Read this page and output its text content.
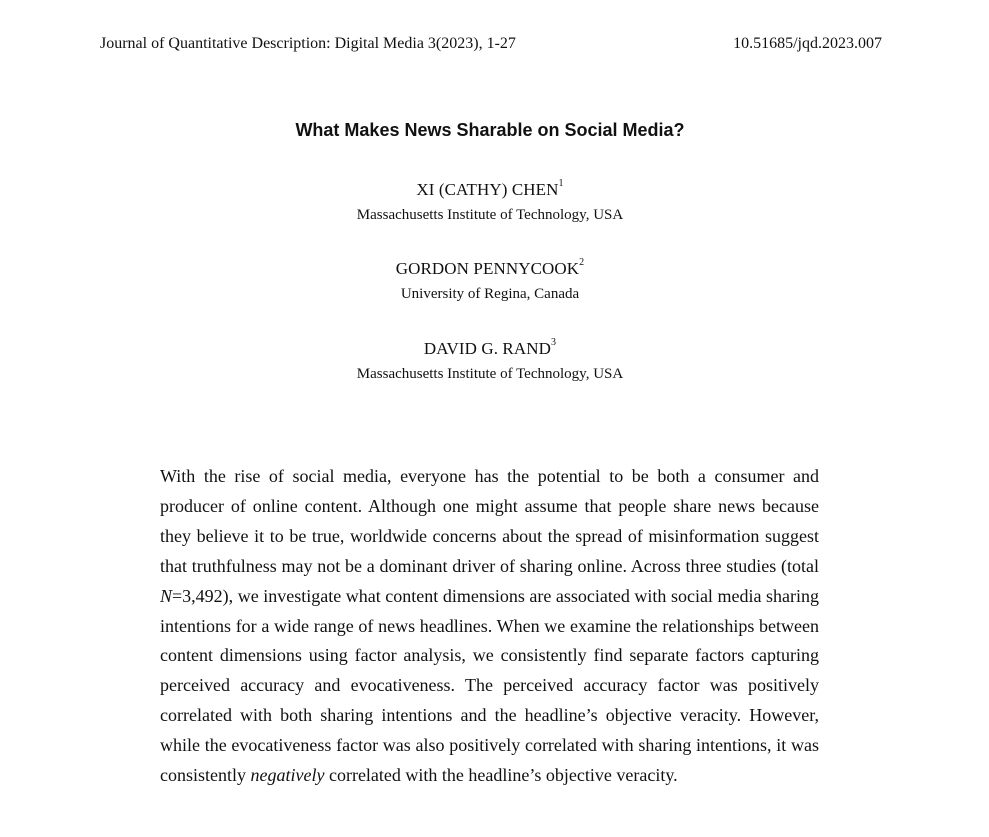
Journal of Quantitative Description: Digital Media 3(2023), 1-27	10.51685/jqd.2023.007
What Makes News Sharable on Social Media?
XI (CATHY) CHEN$^1$
Massachusetts Institute of Technology, USA
GORDON PENNYCOOK$^2$
University of Regina, Canada
DAVID G. RAND$^3$
Massachusetts Institute of Technology, USA

With the rise of social media, everyone has the potential to be both a consumer and producer of online content. Although one might assume that people share news because they believe it to be true, worldwide concerns about the spread of misinformation suggest that truthfulness may not be a dominant driver of sharing online. Across three studies (total N=3,492), we investigate what content dimensions are associated with social media sharing intentions for a wide range of news headlines. When we examine the relationships between content dimensions using factor analysis, we consistently find separate factors capturing perceived accuracy and evocativeness. The perceived accuracy factor was positively correlated with both sharing intentions and the headline’s objective veracity. However, while the evocativeness factor was also positively correlated with sharing intentions, it was consistently negatively correlated with the headline’s objective veracity.
